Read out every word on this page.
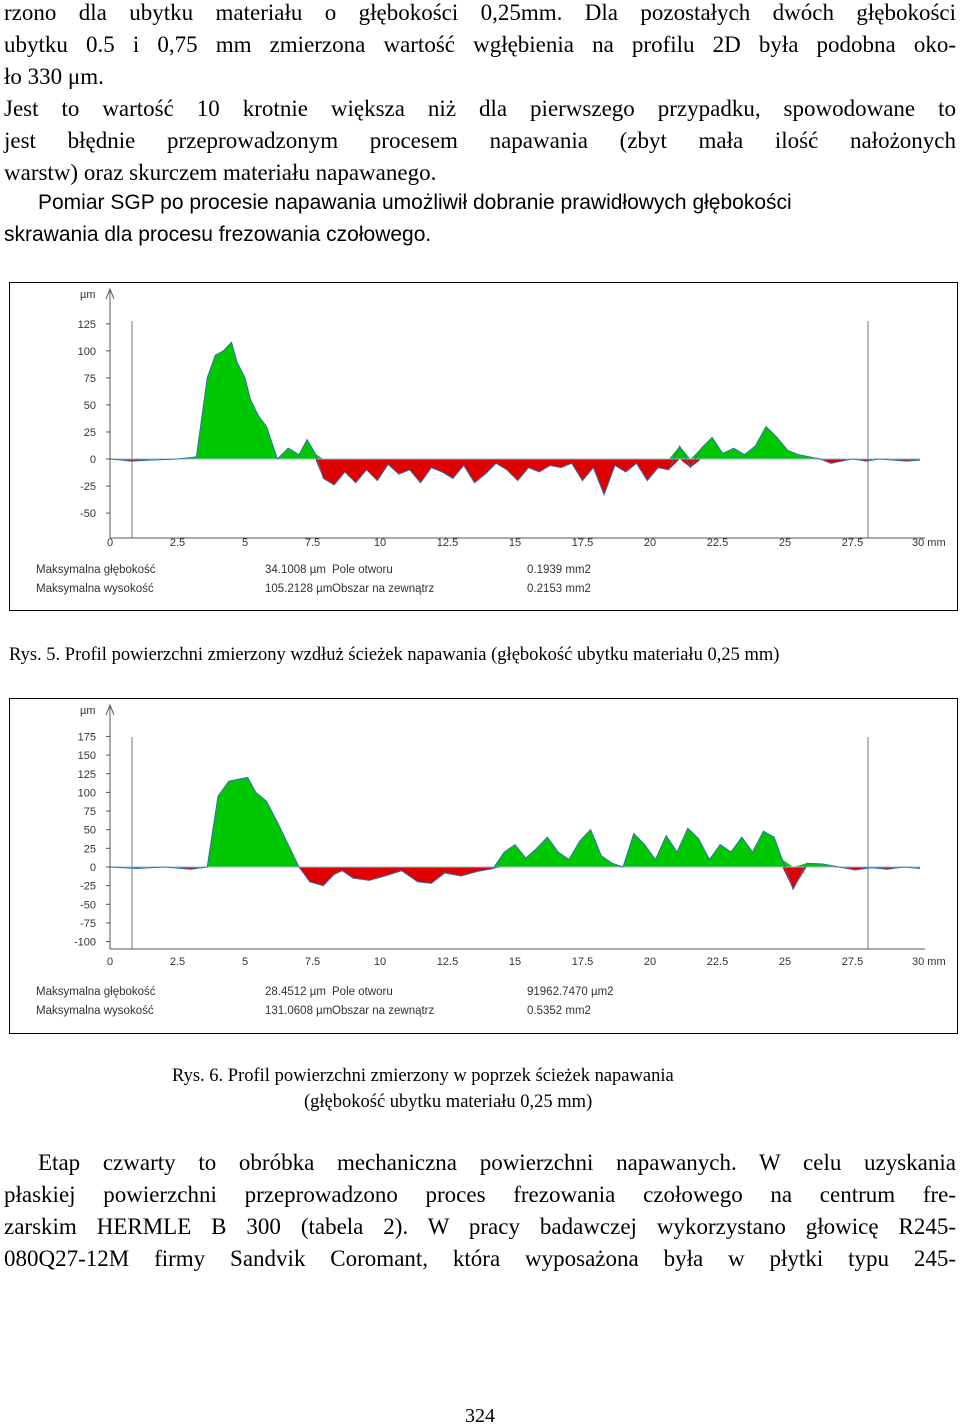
rzono dla ubytku materiału o głębokości 0,25mm. Dla pozostałych dwóch głębokości
ubytku 0.5 i 0,75 mm zmierzona wartość wgłębienia na profilu 2D była podobna oko-
ło 330 μm.
Jest to wartość 10 krotnie większa niż dla pierwszego przypadku, spowodowane to
jest błędnie przeprowadzonym procesem napawania (zbyt mała ilość nałożonych
warstw) oraz skurczem materiału napawanego.
Pomiar SGP po procesie napawania umożliwił dobranie prawidłowych głębokości
skrawania dla procesu frezowania czołowego.
µm
125
100
75
50
25
0
-25
-50
0	2.5	5	7.5	10	12.5	15	17.5	20	22.5	25	27.5	30 mm
Maksymalna głębokość	34.1008 µm Pole otworu	0.1939 mm2
Maksymalna wysokość	105.2128 µm Obszar na zewnątrz	0.2153 mm2
Rys. 5. Profil powierzchni zmierzony wzdłuż ścieżek napawania (głębokość ubytku materiału 0,25 mm)
µm
175
150
125
100
75
50
25
0
-25
-50
-75
-100
0	2.5	5	7.5	10	12.5	15	17.5	20	22.5	25	27.5	30 mm
Maksymalna głębokość	28.4512 µm Pole otworu	91962.7470 µm2
Maksymalna wysokość	131.0608 µm Obszar na zewnątrz	0.5352 mm2
Rys. 6. Profil powierzchni zmierzony w poprzek ścieżek napawania
(głębokość ubytku materiału 0,25 mm)
Etap czwarty to obróbka mechaniczna powierzchni napawanych. W celu uzyskania
płaskiej powierzchni przeprowadzono proces frezowania czołowego na centrum fre-
zarskim HERMLE B 300 (tabela 2). W pracy badawczej wykorzystano głowicę R245-
080Q27-12M firmy Sandvik Coromant, która wyposażona była w płytki typu 245-
324
